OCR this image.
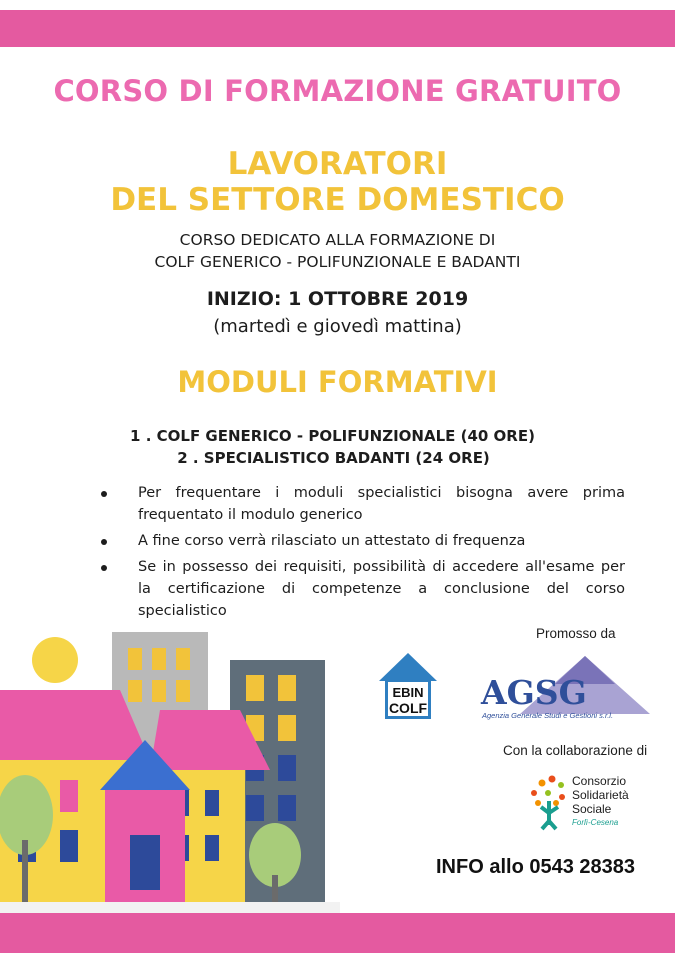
CORSO DI FORMAZIONE GRATUITO
LAVORATORI
DEL SETTORE DOMESTICO
CORSO DEDICATO ALLA FORMAZIONE DI
COLF GENERICO - POLIFUNZIONALE E BADANTI
INIZIO: 1 OTTOBRE 2019
(martedì e giovedì mattina)
MODULI FORMATIVI
1 . COLF GENERICO - POLIFUNZIONALE (40 ORE)
2 . SPECIALISTICO BADANTI (24 ORE)
Per frequentare i moduli specialistici bisogna avere prima frequentato il modulo generico
A fine corso verrà rilasciato un attestato di frequenza
Se in possesso dei requisiti, possibilità di accedere all'esame per la certificazione di competenze a conclusione del corso specialistico
Promosso da
EBIN
COLF AGSG
Agenzia Generale Studi e Gestioni s.r.l.
Con la collaborazione di
Consorzio
Solidarietà
Sociale
Forlì-Cesena
INFO allo 0543 28383
